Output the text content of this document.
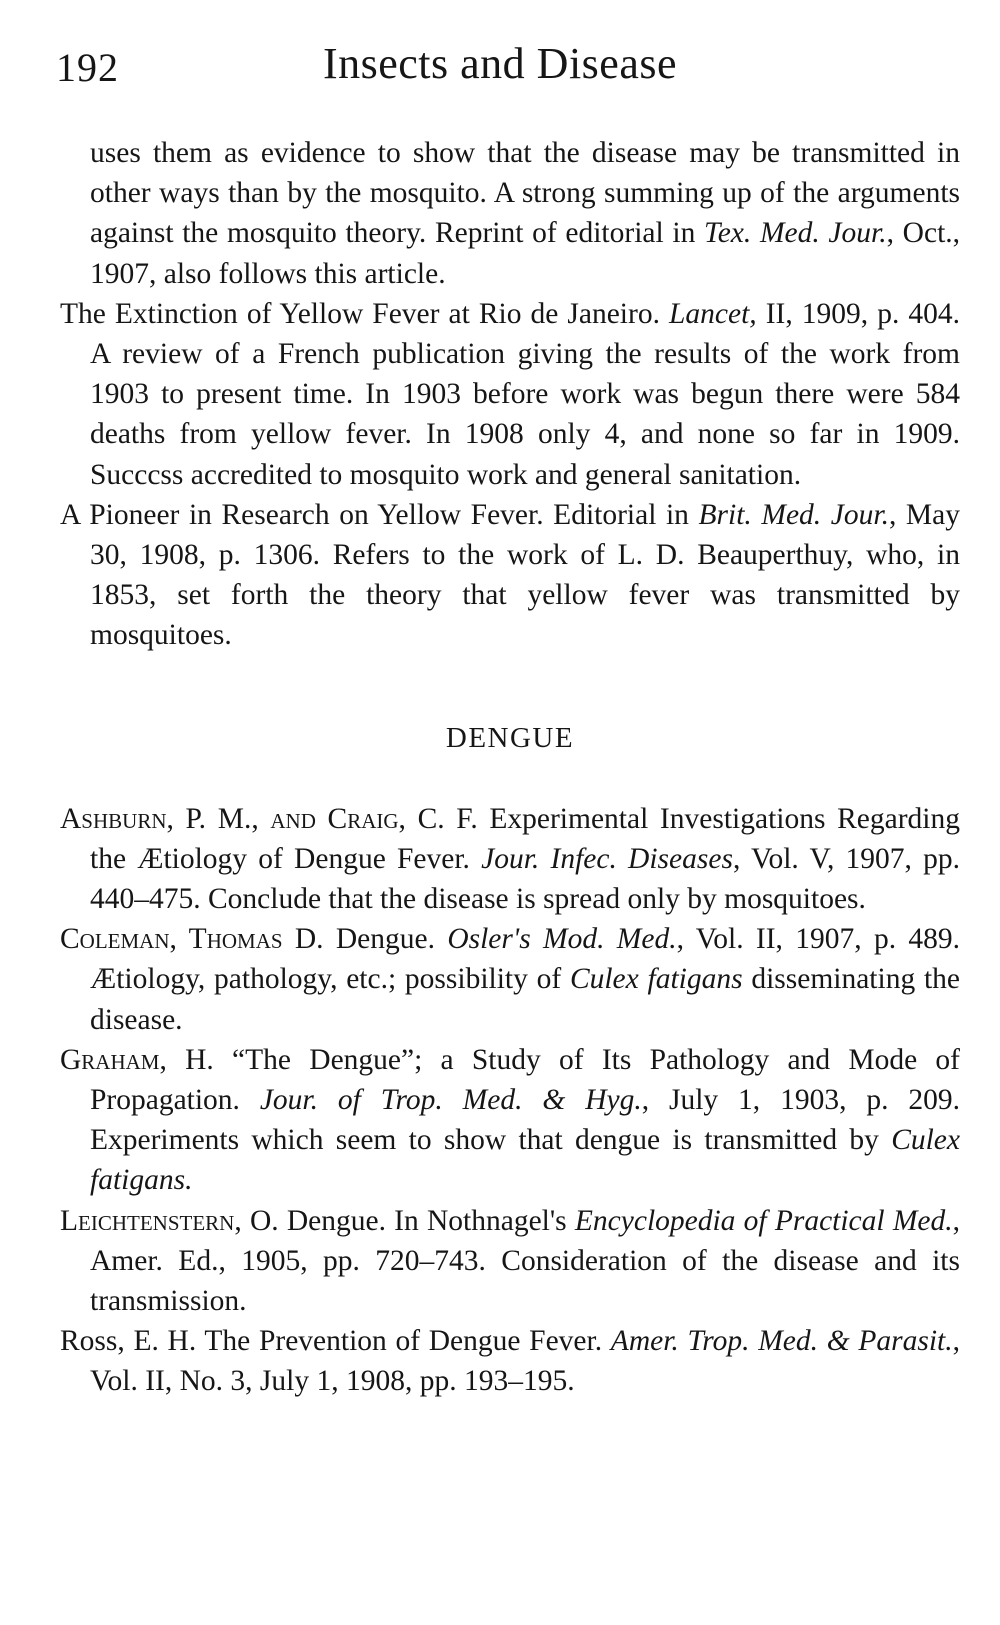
192	Insects and Disease

uses them as evidence to show that the disease may be transmitted in other ways than by the mosquito. A strong summing up of the arguments against the mosquito theory. Reprint of editorial in Tex. Med. Jour., Oct., 1907, also follows this article.

The Extinction of Yellow Fever at Rio de Janeiro. Lancet, II, 1909, p. 404. A review of a French publication giving the results of the work from 1903 to present time. In 1903 before work was begun there were 584 deaths from yellow fever. In 1908 only 4, and none so far in 1909. Succcss accredited to mosquito work and general sanitation.

A Pioneer in Research on Yellow Fever. Editorial in Brit. Med. Jour., May 30, 1908, p. 1306. Refers to the work of L. D. Beauperthuy, who, in 1853, set forth the theory that yellow fever was transmitted by mosquitoes.

DENGUE

Ashburn, P. M., and Craig, C. F. Experimental Investigations Regarding the Ætiology of Dengue Fever. Jour. Infec. Diseases, Vol. V, 1907, pp. 440–475. Conclude that the disease is spread only by mosquitoes.

Coleman, Thomas D. Dengue. Osler's Mod. Med., Vol. II, 1907, p. 489. Ætiology, pathology, etc.; possibility of Culex fatigans disseminating the disease.

Graham, H. “The Dengue”; a Study of Its Pathology and Mode of Propagation. Jour. of Trop. Med. & Hyg., July 1, 1903, p. 209. Experiments which seem to show that dengue is transmitted by Culex fatigans.

Leichtenstern, O. Dengue. In Nothnagel's Encyclopedia of Practical Med., Amer. Ed., 1905, pp. 720–743. Consideration of the disease and its transmission.

Ross, E. H. The Prevention of Dengue Fever. Amer. Trop. Med. & Parasit., Vol. II, No. 3, July 1, 1908, pp. 193–195.
